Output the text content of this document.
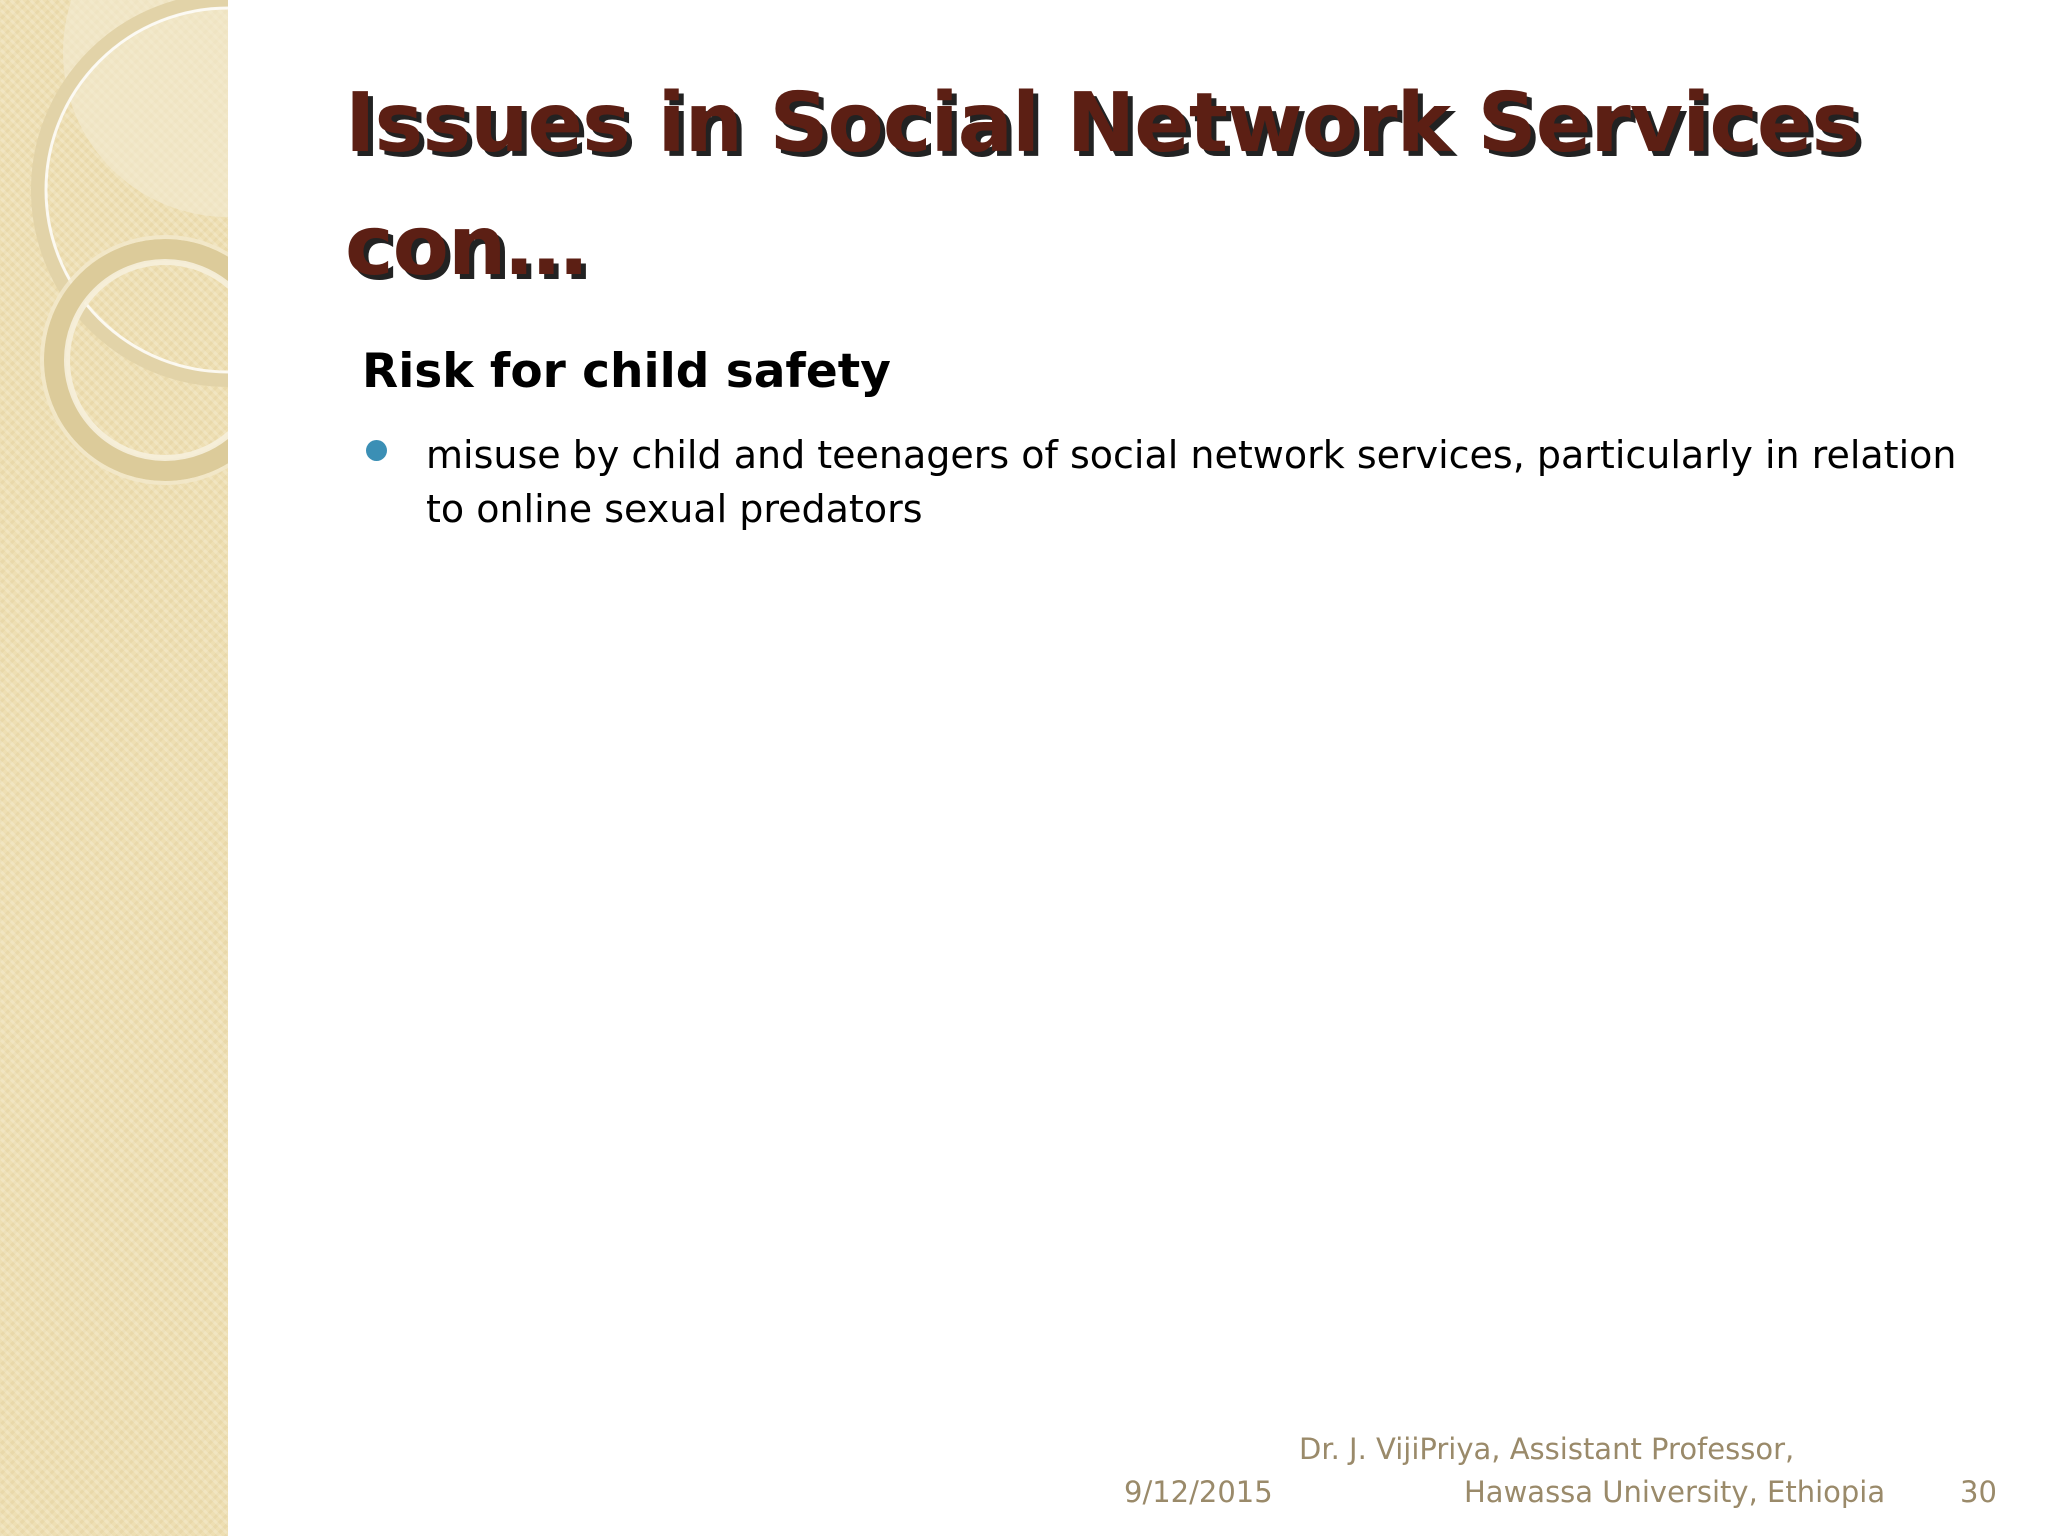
Issues in Social Network Services con…
Risk for child safety
misuse by child and teenagers of social network services, particularly in relation to online sexual predators
9/12/2015
Dr. J. VijiPriya, Assistant Professor,
Hawassa University, Ethiopia	30
